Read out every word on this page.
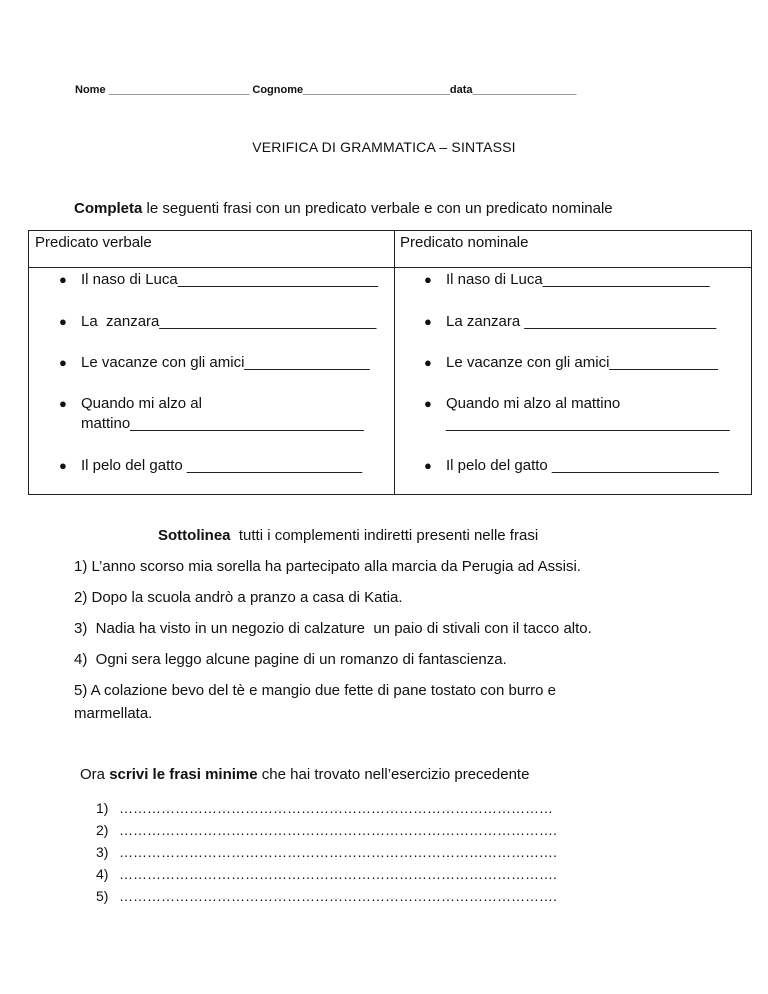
Nome _______________________ Cognome________________________data_________________
VERIFICA DI GRAMMATICA – SINTASSI
Completa le seguenti frasi con un predicato verbale e con un predicato nominale
Predicato verbale	Predicato nominale
● Il naso di Luca________________________
● La  zanzara__________________________
● Le vacanze con gli amici_______________
● Quando mi alzo al
mattino____________________________
● Il pelo del gatto _____________________
● Il naso di Luca____________________
● La zanzara _______________________
● Le vacanze con gli amici_____________
● Quando mi alzo al mattino
__________________________________
● Il pelo del gatto ____________________
Sottolinea  tutti i complementi indiretti presenti nelle frasi
1) L’anno scorso mia sorella ha partecipato alla marcia da Perugia ad Assisi.
2) Dopo la scuola andrò a pranzo a casa di Katia.
3)  Nadia ha visto in un negozio di calzature  un paio di stivali con il tacco alto.
4)  Ogni sera leggo alcune pagine di un romanzo di fantascienza.
5) A colazione bevo del tè e mangio due fette di pane tostato con burro e
marmellata.
Ora scrivi le frasi minime che hai trovato nell’esercizio precedente
1) …………………………………………………………………………………
2) ………………………………………………………………………………….
3) ………………………………………………………………………………….
4) ………………………………………………………………………………….
5) ………………………………………………………………………………….
